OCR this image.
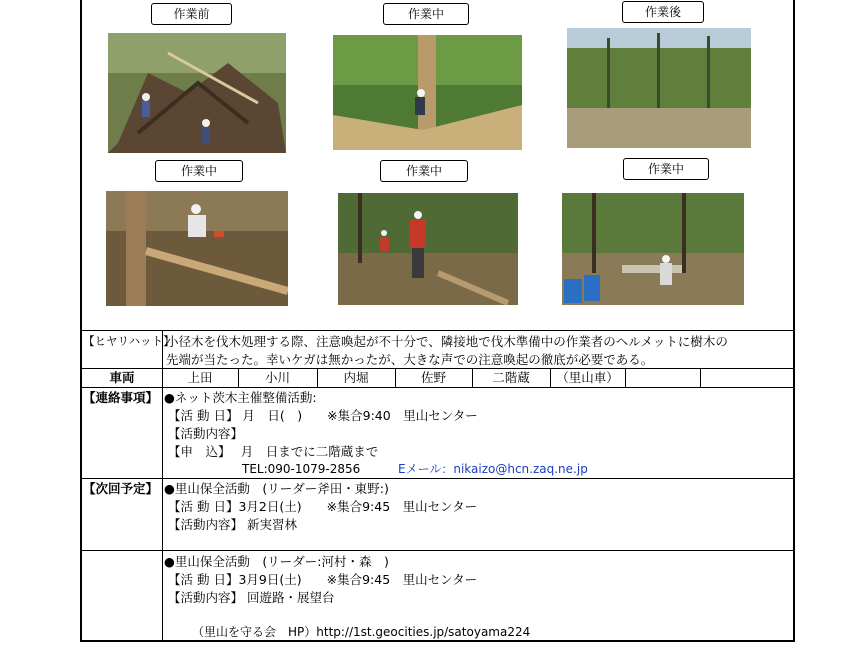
作業前	作業中	作業後
作業中	作業中	作業中
【ヒヤリハット】
小径木を伐木処理する際、注意喚起が不十分で、隣接地で伐木準備中の作業者のヘルメットに樹木の
先端が当たった。幸いケガは無かったが、大きな声での注意喚起の徹底が必要である。
車両	上田	小川	内堀	佐野	二階蔵	（里山車）
【連絡事項】 ●ネット茨木主催整備活動:
【活 動 日】 月　日(　)　　※集合9:40　里山センター
【活動内容】
【申　込】　 月　日までに二階蔵まで
TEL:090-1079-2856	Eメール：nikaizo@hcn.zaq.ne.jp
【次回予定】 ●里山保全活動　(リーダー斧田・東野:)
【活 動 日】3月2日(土)　　※集合9:45　里山センター
【活動内容】 新実習林
●里山保全活動　(リーダー:河村・森　)
【活 動 日】3月9日(土)　　※集合9:45　里山センター
【活動内容】 回遊路・展望台
（里山を守る会　HP）http://1st.geocities.jp/satoyama224
